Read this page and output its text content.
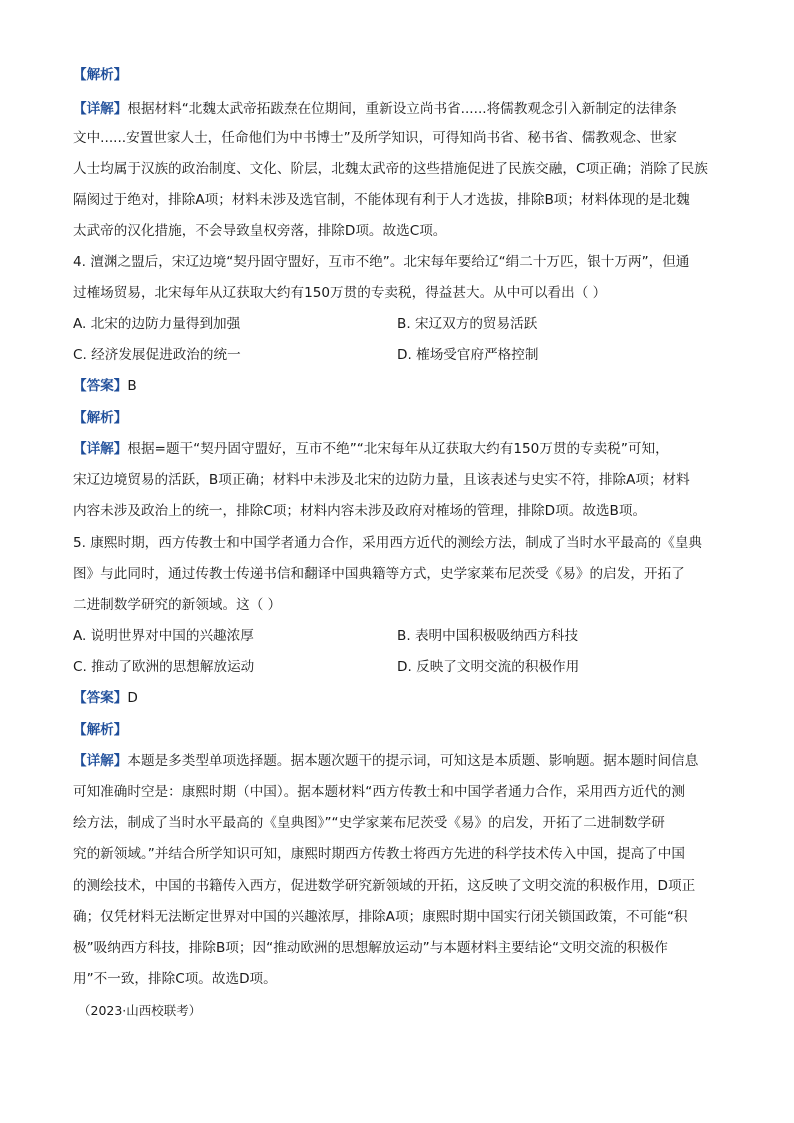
【解析】
【详解】根据材料“北魏太武帝拓跋焘在位期间，重新设立尚书省......将儒教观念引入新制定的法律条
文中......安置世家人士，任命他们为中书博士”及所学知识，可得知尚书省、秘书省、儒教观念、世家
人士均属于汉族的政治制度、文化、阶层，北魏太武帝的这些措施促进了民族交融，C项正确；消除了民族
隔阂过于绝对，排除A项；材料未涉及选官制，不能体现有利于人才选拔，排除B项；材料体现的是北魏
太武帝的汉化措施，不会导致皇权旁落，排除D项。故选C项。
4. 澶渊之盟后，宋辽边境“契丹固守盟好，互市不绝”。北宋每年要给辽“绢二十万匹，银十万两”，但通
过榷场贸易，北宋每年从辽获取大约有150万贯的专卖税，得益甚大。从中可以看出（ ）
A. 北宋的边防力量得到加强	B. 宋辽双方的贸易活跃
C. 经济发展促进政治的统一	D. 榷场受官府严格控制
【答案】B
【解析】
【详解】根据=题干“契丹固守盟好，互市不绝”“北宋每年从辽获取大约有150万贯的专卖税”可知，
宋辽边境贸易的活跃，B项正确；材料中未涉及北宋的边防力量，且该表述与史实不符，排除A项；材料
内容未涉及政治上的统一，排除C项；材料内容未涉及政府对榷场的管理，排除D项。故选B项。
5. 康熙时期，西方传教士和中国学者通力合作，采用西方近代的测绘方法，制成了当时水平最高的《皇典
图》与此同时，通过传教士传递书信和翻译中国典籍等方式，史学家莱布尼茨受《易》的启发，开拓了
二进制数学研究的新领域。这（ ）
A. 说明世界对中国的兴趣浓厚	B. 表明中国积极吸纳西方科技
C. 推动了欧洲的思想解放运动	D. 反映了文明交流的积极作用
【答案】D
【解析】
【详解】本题是多类型单项选择题。据本题次题干的提示词，可知这是本质题、影响题。据本题时间信息
可知准确时空是：康熙时期（中国）。据本题材料“西方传教士和中国学者通力合作，采用西方近代的测
绘方法，制成了当时水平最高的《皇典图》”“史学家莱布尼茨受《易》的启发，开拓了二进制数学研
究的新领域。”并结合所学知识可知，康熙时期西方传教士将西方先进的科学技术传入中国，提高了中国
的测绘技术，中国的书籍传入西方，促进数学研究新领域的开拓，这反映了文明交流的积极作用，D项正
确；仅凭材料无法断定世界对中国的兴趣浓厚，排除A项；康熙时期中国实行闭关锁国政策，不可能“积
极”吸纳西方科技，排除B项；因“推动欧洲的思想解放运动”与本题材料主要结论“文明交流的积极作
用”不一致，排除C项。故选D项。
（2023·山西校联考）
